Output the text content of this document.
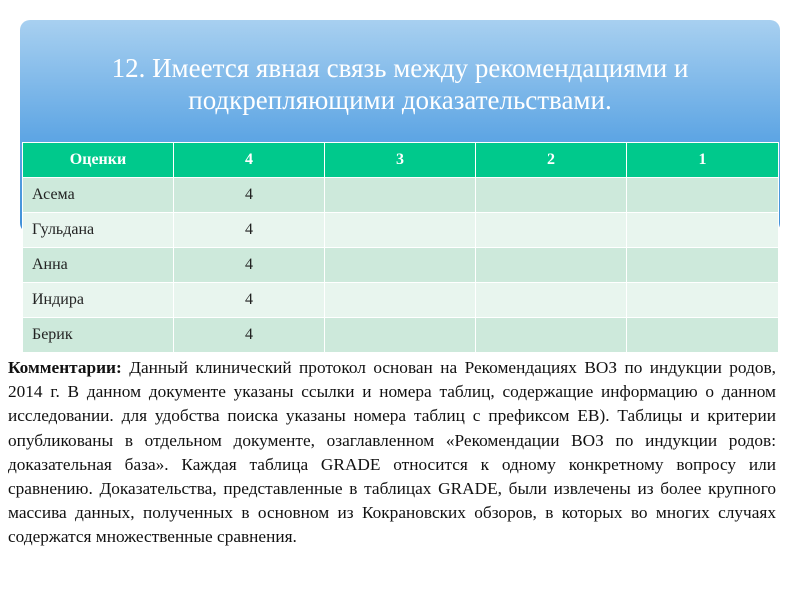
12. Имеется явная связь между рекомендациями и
подкрепляющими доказательствами.
Оценки	4	3	2	1
Асема	4			
Гульдана	4			
Анна	4			
Индира	4			
Берик	4			

Комментарии: Данный клинический протокол основан на Рекомендациях ВОЗ по индукции родов, 2014 г. В данном документе указаны ссылки и номера таблиц, содержащие информацию о данном исследовании. для удобства поиска указаны номера таблиц с префиксом EB). Таблицы и критерии опубликованы в отдельном документе, озаглавленном «Рекомендации ВОЗ по индукции родов: доказательная база». Каждая таблица GRADE относится к одному конкретному вопросу или сравнению. Доказательства, представленные в таблицах GRADE, были извлечены из более крупного массива данных, полученных в основном из Кокрановских обзоров, в которых во многих случаях содержатся множественные сравнения.
